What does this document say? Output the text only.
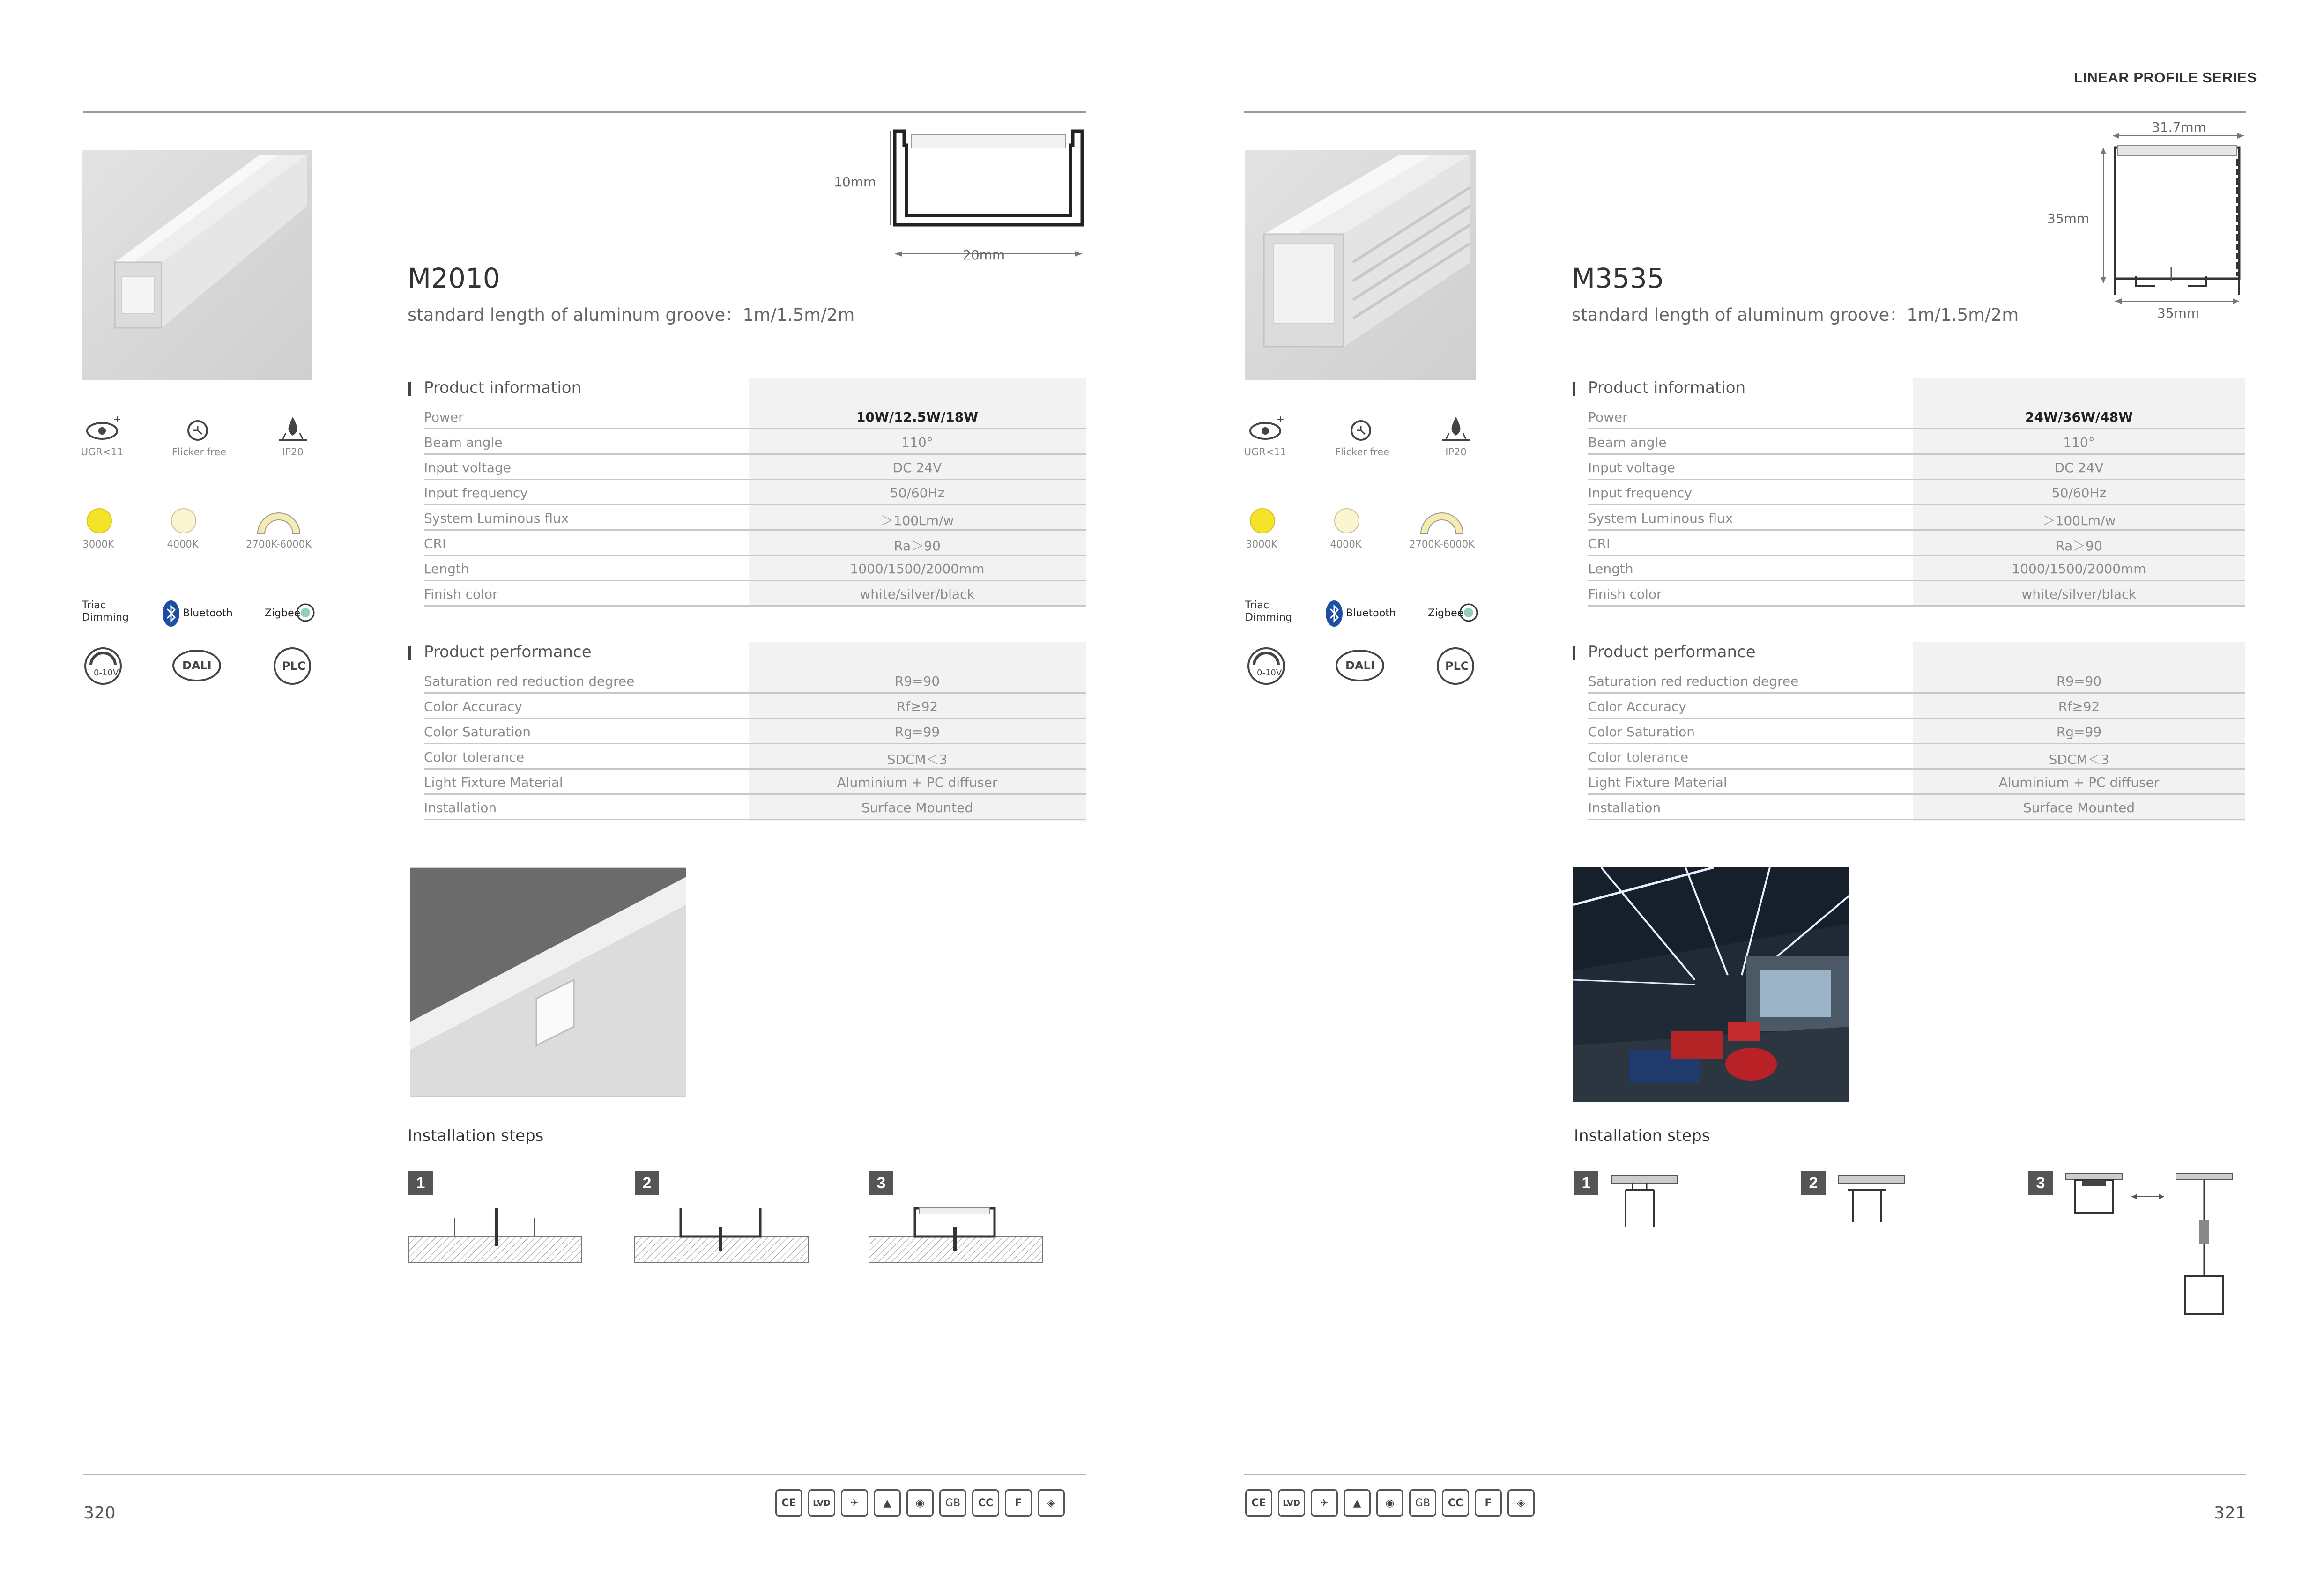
LINEAR PROFILE SERIES
+
UGR<11	Flicker free	IP20
3000K	4000K	2700K-6000K
Triac
Dimming	Bluetooth	Zigbee
0-10V
DALI	PLC
10mm
20mm
M2010
standard length of aluminum groove：1m/1.5m/2m
Product information
Power	10W/12.5W/18W
Beam angle	110°
Input voltage	DC 24V
Input frequency	50/60Hz
System Luminous flux	＞100Lm/w
CRI	Ra＞90
Length	1000/1500/2000mm
Finish color	white/silver/black
Product performance
Saturation red reduction degree	R9=90
Color Accuracy	Rf≥92
Color Saturation	Rg=99
Color tolerance	SDCM＜3
Light Fixture Material	Aluminium + PC diffuser
Installation	Surface Mounted
Installation steps
1	2	3
320
CE	LVD	✈	▲	◉	GB	CC	F	◈
+
UGR<11	Flicker free	IP20
3000K	4000K	2700K-6000K
Triac
Dimming	Bluetooth	Zigbee
0-10V
DALI	PLC
31.7mm
35mm
35mm
M3535
standard length of aluminum groove：1m/1.5m/2m
Product information
Power	24W/36W/48W
Beam angle	110°
Input voltage	DC 24V
Input frequency	50/60Hz
System Luminous flux	＞100Lm/w
CRI	Ra＞90
Length	1000/1500/2000mm
Finish color	white/silver/black
Product performance
Saturation red reduction degree	R9=90
Color Accuracy	Rf≥92
Color Saturation	Rg=99
Color tolerance	SDCM＜3
Light Fixture Material	Aluminium + PC diffuser
Installation	Surface Mounted
Installation steps
1	2	3
321
CE	LVD	✈	▲	◉	GB	CC	F	◈
